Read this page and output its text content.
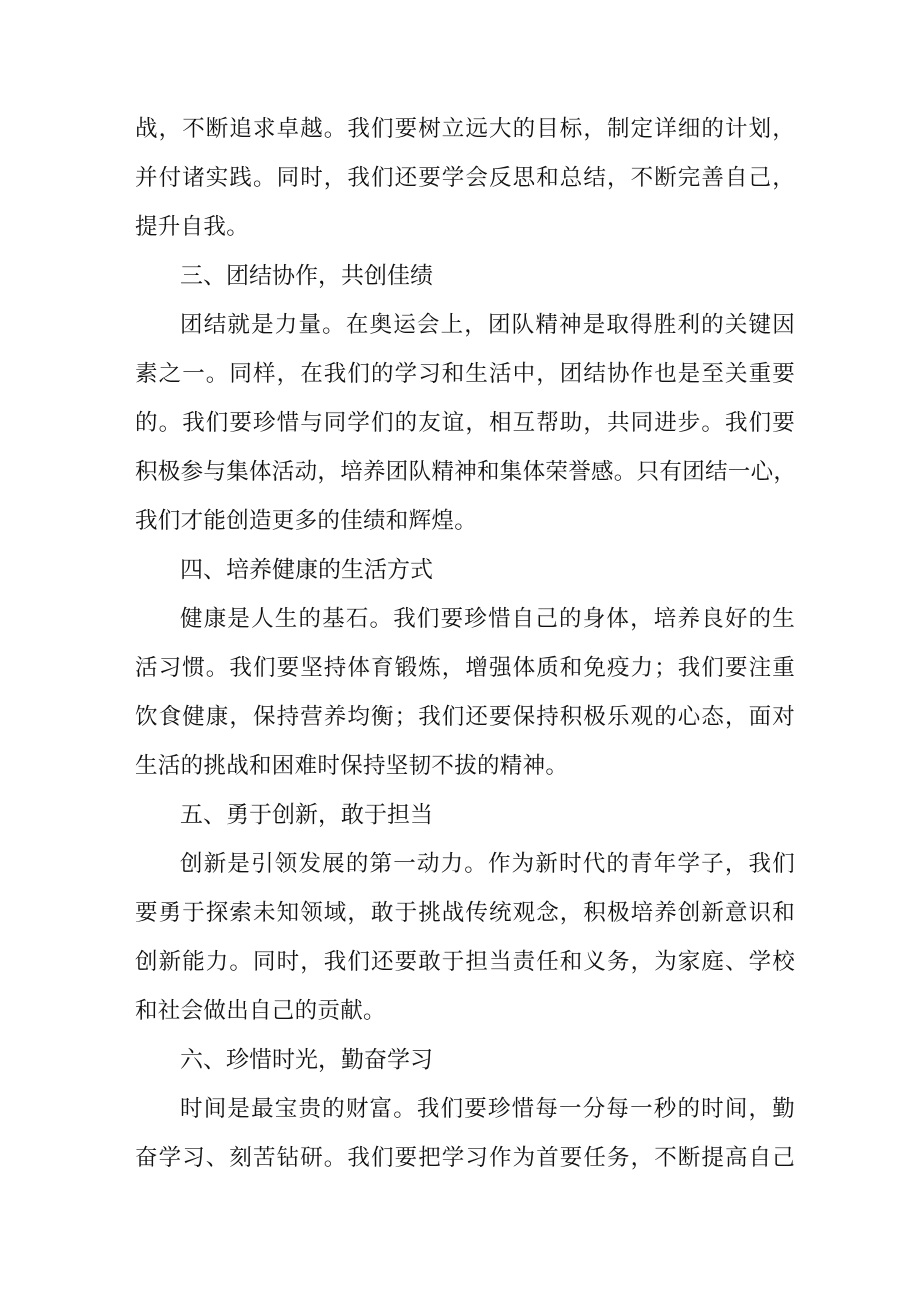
战，不断追求卓越。我们要树立远大的目标，制定详细的计划，
并付诸实践。同时，我们还要学会反思和总结，不断完善自己，
提升自我。
三、团结协作，共创佳绩
团结就是力量。在奥运会上，团队精神是取得胜利的关键因
素之一。同样，在我们的学习和生活中，团结协作也是至关重要
的。我们要珍惜与同学们的友谊，相互帮助，共同进步。我们要
积极参与集体活动，培养团队精神和集体荣誉感。只有团结一心，
我们才能创造更多的佳绩和辉煌。
四、培养健康的生活方式
健康是人生的基石。我们要珍惜自己的身体，培养良好的生
活习惯。我们要坚持体育锻炼，增强体质和免疫力；我们要注重
饮食健康，保持营养均衡；我们还要保持积极乐观的心态，面对
生活的挑战和困难时保持坚韧不拔的精神。
五、勇于创新，敢于担当
创新是引领发展的第一动力。作为新时代的青年学子，我们
要勇于探索未知领域，敢于挑战传统观念，积极培养创新意识和
创新能力。同时，我们还要敢于担当责任和义务，为家庭、学校
和社会做出自己的贡献。
六、珍惜时光，勤奋学习
时间是最宝贵的财富。我们要珍惜每一分每一秒的时间，勤
奋学习、刻苦钻研。我们要把学习作为首要任务，不断提高自己
